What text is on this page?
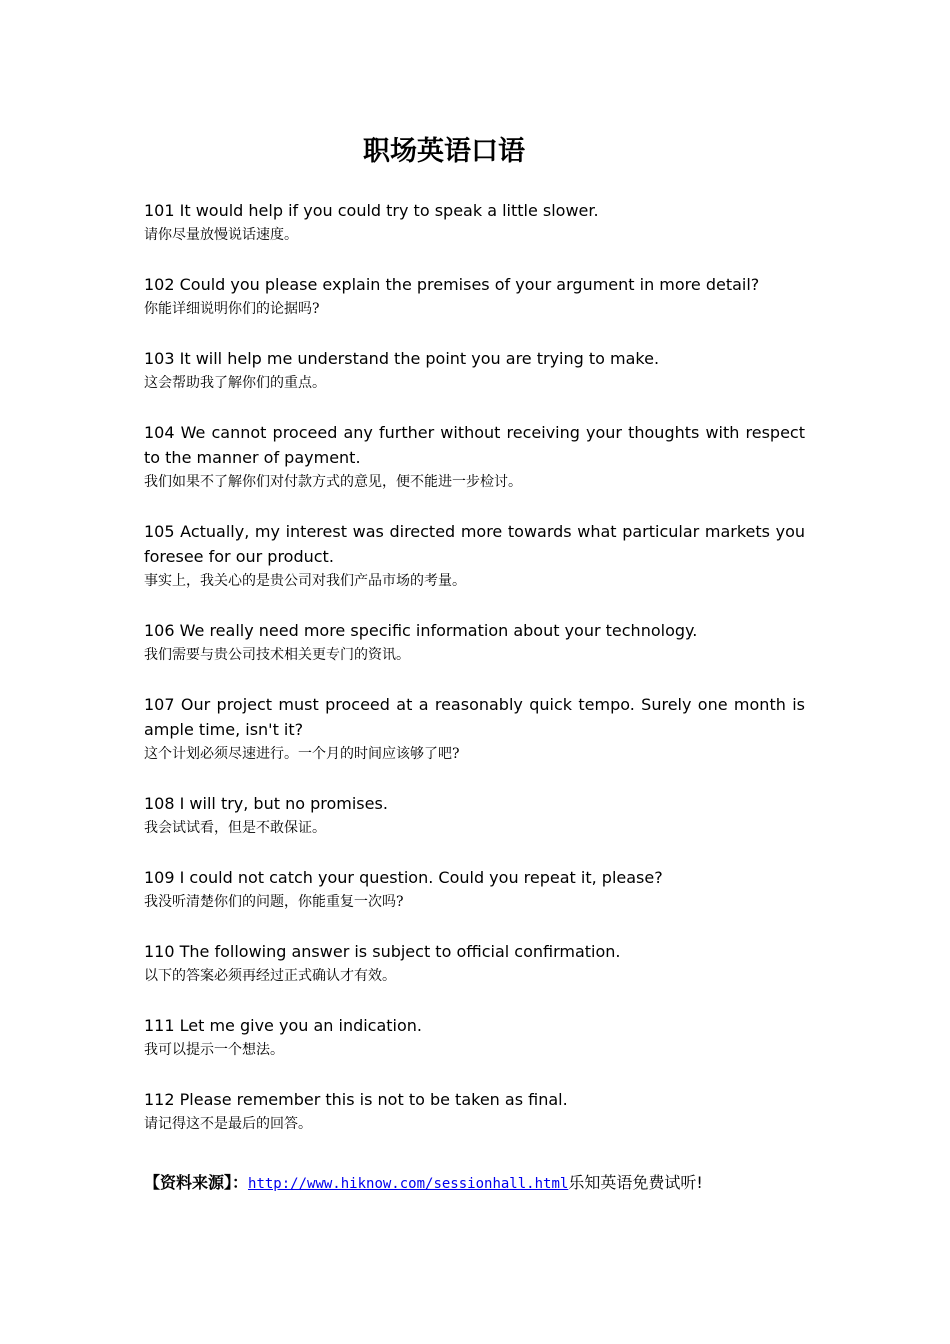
职场英语口语

101 It would help if you could try to speak a little slower.

请你尽量放慢说话速度。

102 Could you please explain the premises of your argument in more detail?

你能详细说明你们的论据吗?

103 It will help me understand the point you are trying to make.

这会帮助我了解你们的重点。

104 We cannot proceed any further without receiving your thoughts with respect to the manner of payment.

我们如果不了解你们对付款方式的意见，便不能进一步检讨。

105 Actually, my interest was directed more towards what particular markets you foresee for our product.

事实上，我关心的是贵公司对我们产品市场的考量。

106 We really need more specific information about your technology.

我们需要与贵公司技术相关更专门的资讯。

107 Our project must proceed at a reasonably quick tempo. Surely one month is ample time, isn't it?

这个计划必须尽速进行。一个月的时间应该够了吧?

108 I will try, but no promises.

我会试试看，但是不敢保证。

109 I could not catch your question. Could you repeat it, please?

我没听清楚你们的问题，你能重复一次吗?

110 The following answer is subject to official confirmation.

以下的答案必须再经过正式确认才有效。

111 Let me give you an indication.

我可以提示一个想法。

112 Please remember this is not to be taken as final.

请记得这不是最后的回答。

【资料来源】：http://www.hiknow.com/sessionhall.html乐知英语免费试听!
